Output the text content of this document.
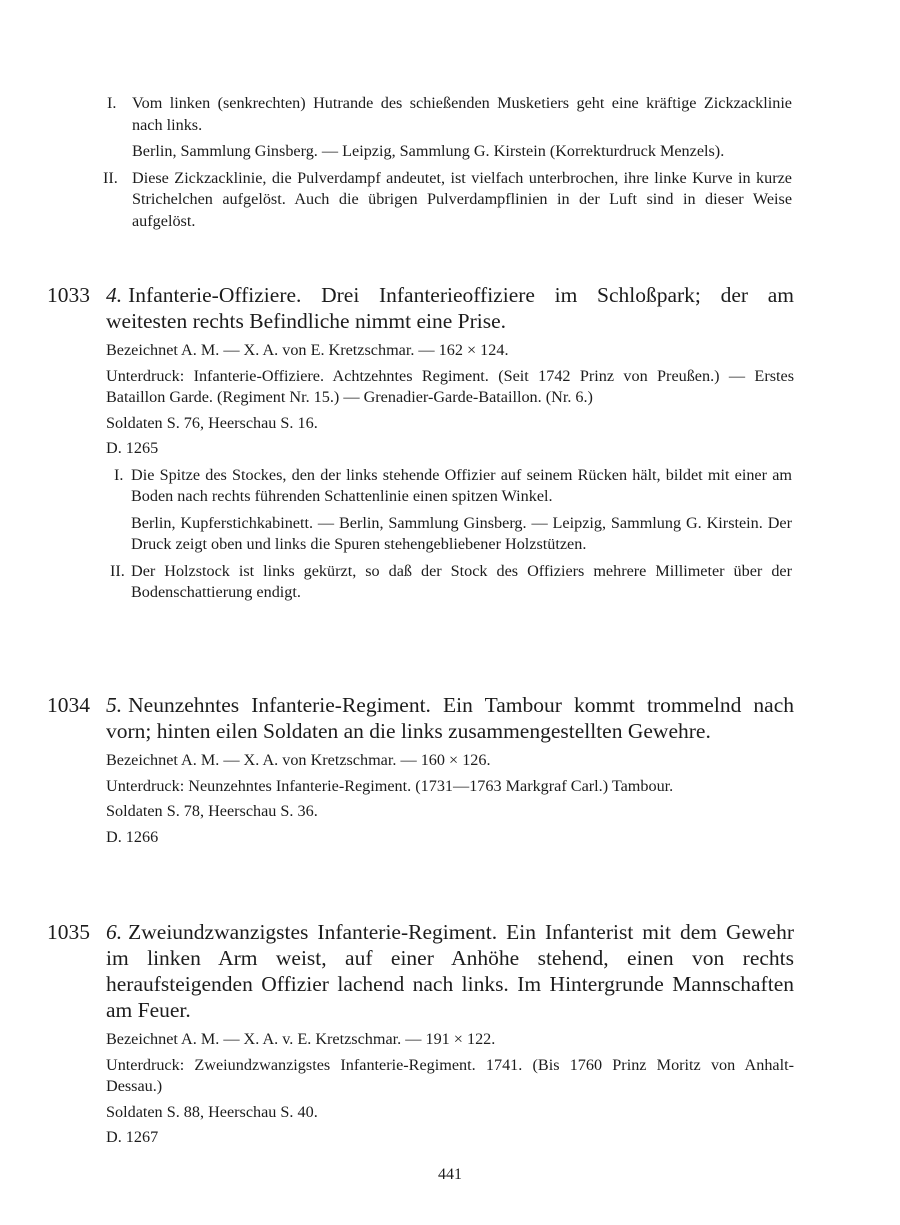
I. Vom linken (senkrechten) Hutrande des schießenden Musketiers geht eine kräftige Zickzacklinie nach links.

Berlin, Sammlung Ginsberg. — Leipzig, Sammlung G. Kirstein (Korrekturdruck Menzels).

II. Diese Zickzacklinie, die Pulverdampf andeutet, ist vielfach unterbrochen, ihre linke Kurve in kurze Strichelchen aufgelöst. Auch die übrigen Pulverdampflinien in der Luft sind in dieser Weise aufgelöst.

1033 4. Infanterie-Offiziere. Drei Infanterieoffiziere im Schloßpark; der am weitesten rechts Befindliche nimmt eine Prise.

Bezeichnet A. M. — X. A. von E. Kretzschmar. — 162 × 124.

Unterdruck: Infanterie-Offiziere. Achtzehntes Regiment. (Seit 1742 Prinz von Preußen.) — Erstes Bataillon Garde. (Regiment Nr. 15.) — Grenadier-Garde-Bataillon. (Nr. 6.)

Soldaten S. 76, Heerschau S. 16.

D. 1265

I. Die Spitze des Stockes, den der links stehende Offizier auf seinem Rücken hält, bildet mit einer am Boden nach rechts führenden Schattenlinie einen spitzen Winkel.

Berlin, Kupferstichkabinett. — Berlin, Sammlung Ginsberg. — Leipzig, Sammlung G. Kirstein. Der Druck zeigt oben und links die Spuren stehengebliebener Holzstützen.

II. Der Holzstock ist links gekürzt, so daß der Stock des Offiziers mehrere Millimeter über der Bodenschattierung endigt.

1034 5. Neunzehntes Infanterie-Regiment. Ein Tambour kommt trommelnd nach vorn; hinten eilen Soldaten an die links zusammengestellten Gewehre.

Bezeichnet A. M. — X. A. von Kretzschmar. — 160 × 126.

Unterdruck: Neunzehntes Infanterie-Regiment. (1731—1763 Markgraf Carl.) Tambour.

Soldaten S. 78, Heerschau S. 36.

D. 1266

1035 6. Zweiundzwanzigstes Infanterie-Regiment. Ein Infanterist mit dem Gewehr im linken Arm weist, auf einer Anhöhe stehend, einen von rechts heraufsteigenden Offizier lachend nach links. Im Hintergrunde Mannschaften am Feuer.

Bezeichnet A. M. — X. A. v. E. Kretzschmar. — 191 × 122.

Unterdruck: Zweiundzwanzigstes Infanterie-Regiment. 1741. (Bis 1760 Prinz Moritz von Anhalt-Dessau.)

Soldaten S. 88, Heerschau S. 40.

D. 1267

441
